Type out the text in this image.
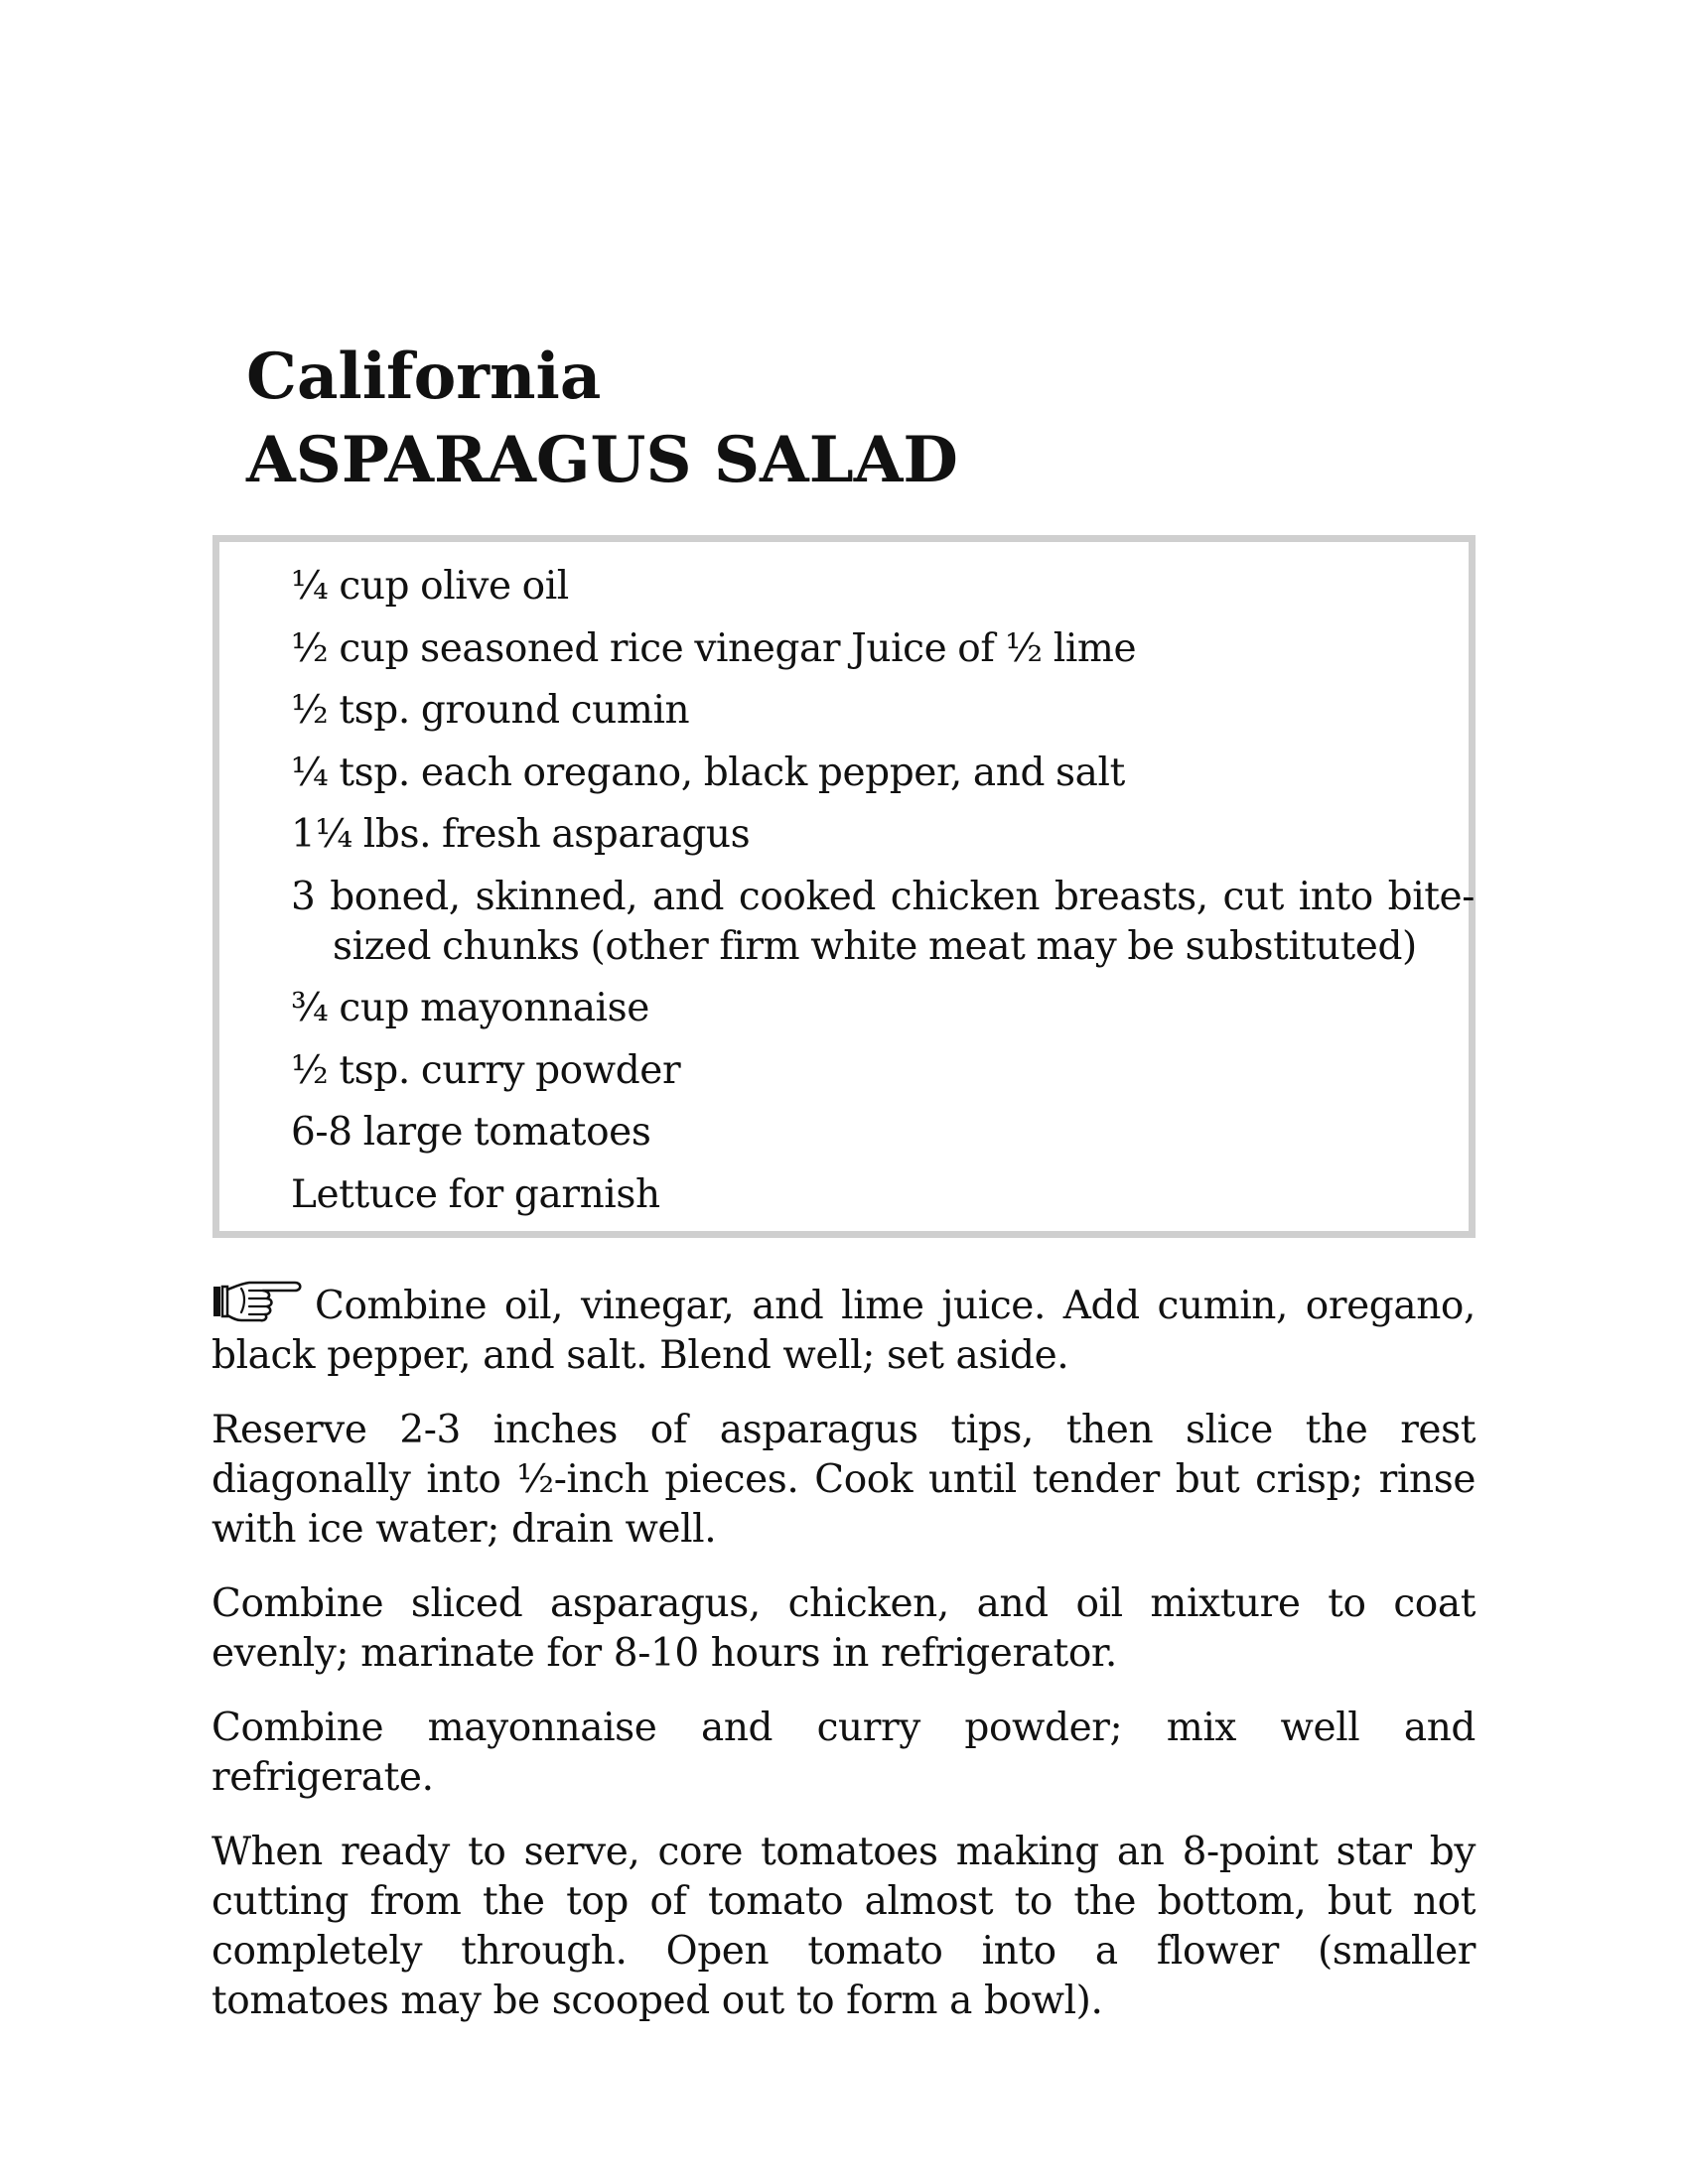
California
ASPARAGUS SALAD
¼ cup olive oil
½ cup seasoned rice vinegar Juice of ½ lime
½ tsp. ground cumin
¼ tsp. each oregano, black pepper, and salt
1¼ lbs. fresh asparagus
3 boned, skinned, and cooked chicken breasts, cut into bite-sized chunks (other firm white meat may be substituted)
¾ cup mayonnaise
½ tsp. curry powder
6-8 large tomatoes
Lettuce for garnish

Combine oil, vinegar, and lime juice. Add cumin, oregano, black pepper, and salt. Blend well; set aside.

Reserve 2-3 inches of asparagus tips, then slice the rest diagonally into ½-inch pieces. Cook until tender but crisp; rinse with ice water; drain well.

Combine sliced asparagus, chicken, and oil mixture to coat evenly; marinate for 8-10 hours in refrigerator.

Combine mayonnaise and curry powder; mix well and refrigerate.

When ready to serve, core tomatoes making an 8-point star by cutting from the top of tomato almost to the bottom, but not completely through. Open tomato into a flower (smaller tomatoes may be scooped out to form a bowl).
